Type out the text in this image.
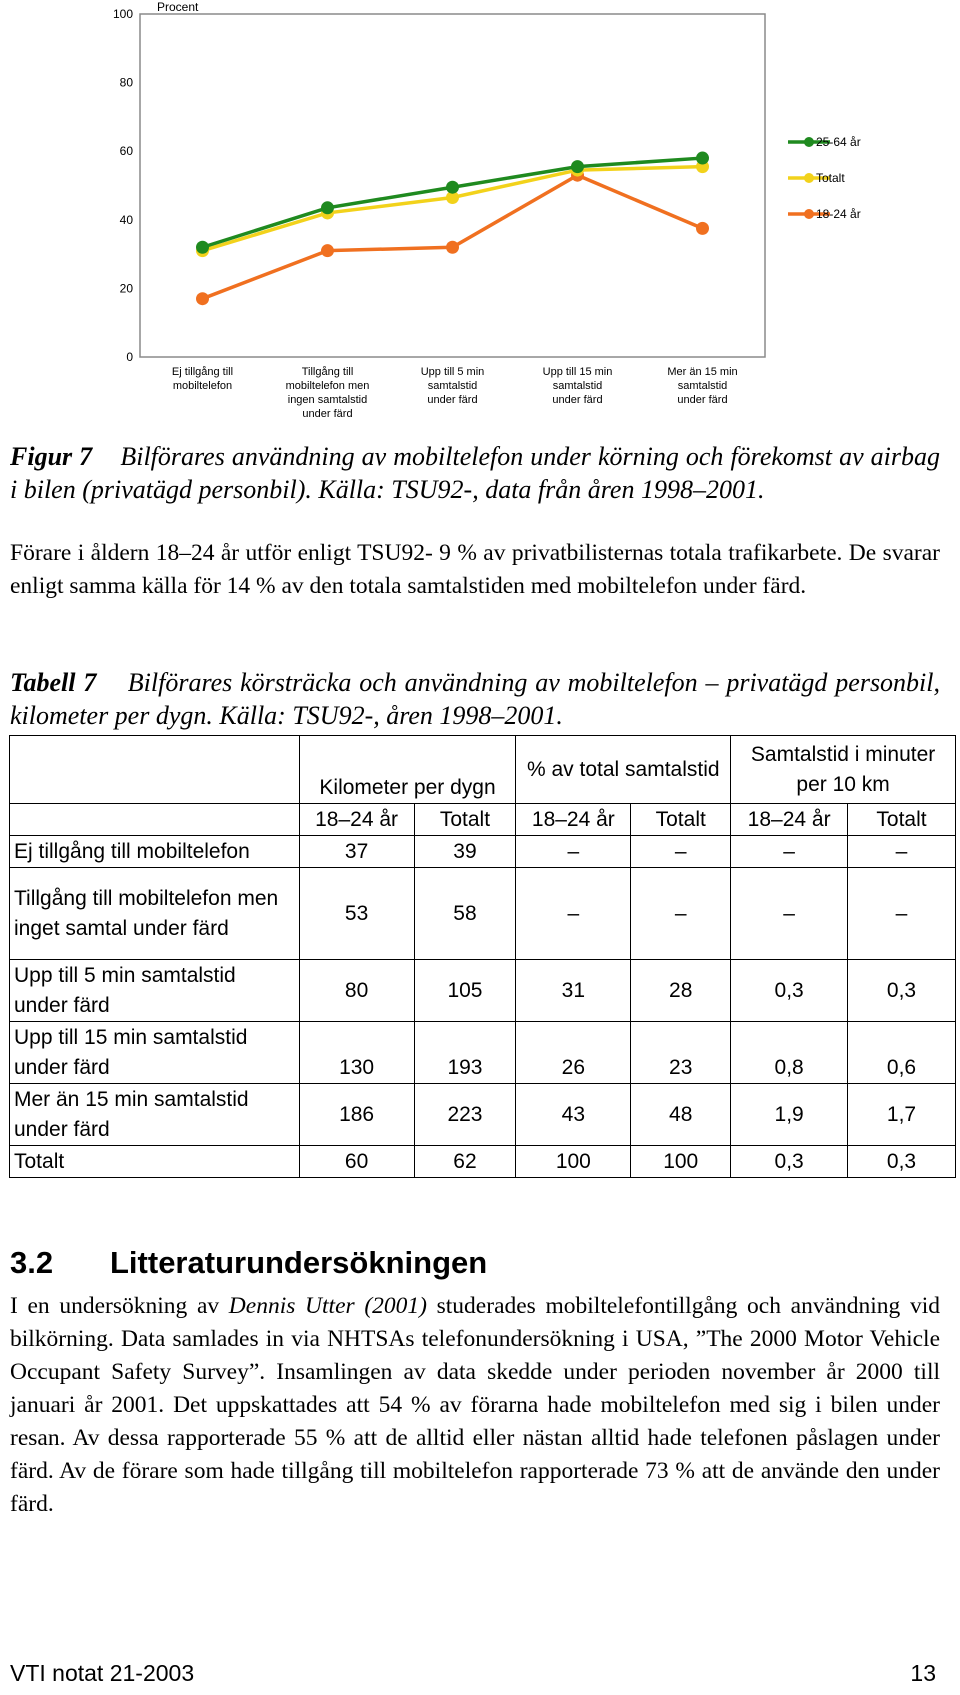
0
20
40
60
80
100 Procent
Ej tillgång till mobiltelefon
Tillgång till mobiltelefon men ingen samtalstid under färd
Upp till 5 min samtalstid under färd
Upp till 15 min samtalstid under färd
Mer än 15 min samtalstid under färd
25-64 år
Totalt
18-24 år
Figur 7 Bilförares användning av mobiltelefon under körning och förekomst av airbag i bilen (privatägd personbil). Källa: TSU92-, data från åren 1998–2001.
Förare i åldern 18–24 år utför enligt TSU92- 9 % av privatbilisternas totala trafikarbete. De svarar enligt samma källa för 14 % av den totala samtalstiden med mobiltelefon under färd.
Tabell 7 Bilförares körsträcka och användning av mobiltelefon – privatägd personbil, kilometer per dygn. Källa: TSU92-, åren 1998–2001.
	Kilometer per dygn		% av total samtalstid		Samtalstid i minuter per 10 km	
	18–24 år	Totalt	18–24 år	Totalt	18–24 år	Totalt
Ej tillgång till mobiltelefon	37	39	–	–	–	–
Tillgång till mobiltelefon men inget samtal under färd	53	58	–	–	–	–
Upp till 5 min samtalstid under färd	80	105	31	28	0,3	0,3
Upp till 15 min samtalstid under färd	130	193	26	23	0,8	0,6
Mer än 15 min samtalstid under färd	186	223	43	48	1,9	1,7
Totalt	60	62	100	100	0,3	0,3
3.2 Litteraturundersökningen
I en undersökning av Dennis Utter (2001) studerades mobiltelefontillgång och användning vid bilkörning. Data samlades in via NHTSAs telefonundersökning i USA, ”The 2000 Motor Vehicle Occupant Safety Survey”. Insamlingen av data skedde under perioden november år 2000 till januari år 2001. Det uppskattades att 54 % av förarna hade mobiltelefon med sig i bilen under resan. Av dessa rapporterade 55 % att de alltid eller nästan alltid hade telefonen påslagen under färd. Av de förare som hade tillgång till mobiltelefon rapporterade 73 % att de använde den under färd.
VTI notat 21-2003	13
